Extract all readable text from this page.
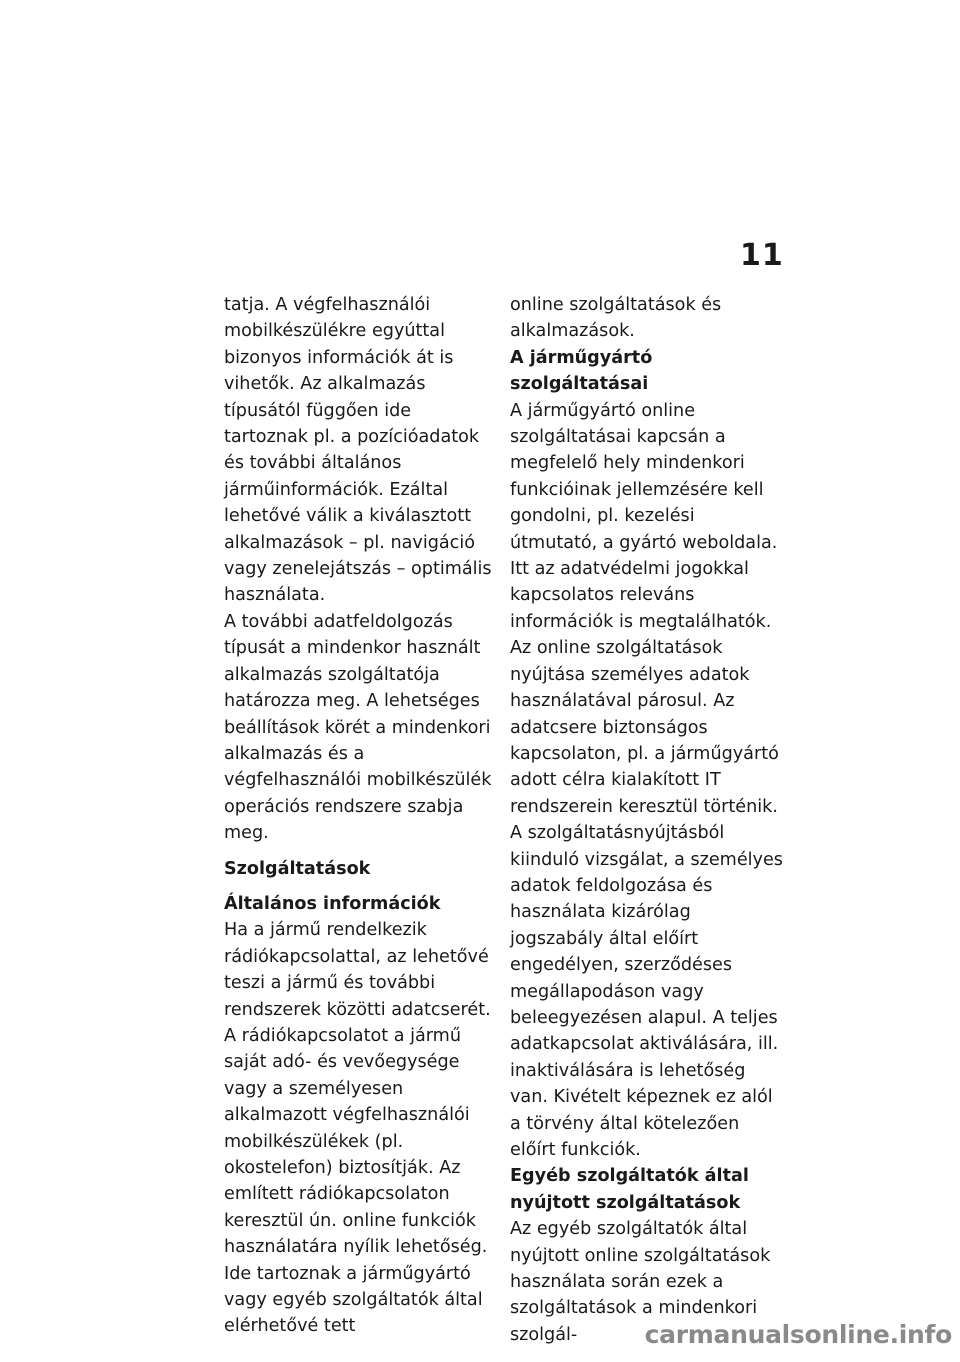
11

tatja. A végfelhasználói mobilkészülékre egyúttal bizonyos információk át is vihetők. Az alkalmazás típusától függően ide tartoznak pl. a pozícióadatok és további általános járműinformációk. Ezáltal lehetővé válik a kiválasztott alkalmazások – pl. navigáció vagy zenelejátszás – optimális használata.

A további adatfeldolgozás típusát a mindenkor használt alkalmazás szolgáltatója határozza meg. A lehetséges beállítások körét a mindenkori alkalmazás és a végfelhasználói mobilkészülék operációs rendszere szabja meg.

Szolgáltatások
Általános információk

Ha a jármű rendelkezik rádiókapcsolattal, az lehetővé teszi a jármű és további rendszerek közötti adatcserét. A rádiókapcsolatot a jármű saját adó- és vevőegysége vagy a személyesen alkalmazott végfelhasználói mobilkészülékek (pl. okostelefon) biztosítják. Az említett rádiókapcsolaton keresztül ún. online funkciók használatára nyílik lehetőség. Ide tartoznak a járműgyártó vagy egyéb szolgáltatók által elérhetővé tett

online szolgáltatások és alkalmazások.

A járműgyártó szolgáltatásai

A járműgyártó online szolgáltatásai kapcsán a megfelelő hely mindenkori funkcióinak jellemzésére kell gondolni, pl. kezelési útmutató, a gyártó weboldala. Itt az adatvédelmi jogokkal kapcsolatos releváns információk is megtalálhatók.

Az online szolgáltatások nyújtása személyes adatok használatával párosul. Az adatcsere biztonságos kapcsolaton, pl. a járműgyártó adott célra kialakított IT rendszerein keresztül történik.

A szolgáltatásnyújtásból kiinduló vizsgálat, a személyes adatok feldolgozása és használata kizárólag jogszabály által előírt engedélyen, szerződéses megállapodáson vagy beleegyezésen alapul. A teljes adatkapcsolat aktiválására, ill. inaktiválására is lehetőség van. Kivételt képeznek ez alól a törvény által kötelezően előírt funkciók.

Egyéb szolgáltatók által nyújtott szolgáltatások

Az egyéb szolgáltatók által nyújtott online szolgáltatások használata során ezek a szolgáltatások a mindenkori szolgál-	carmanualsonline.info
